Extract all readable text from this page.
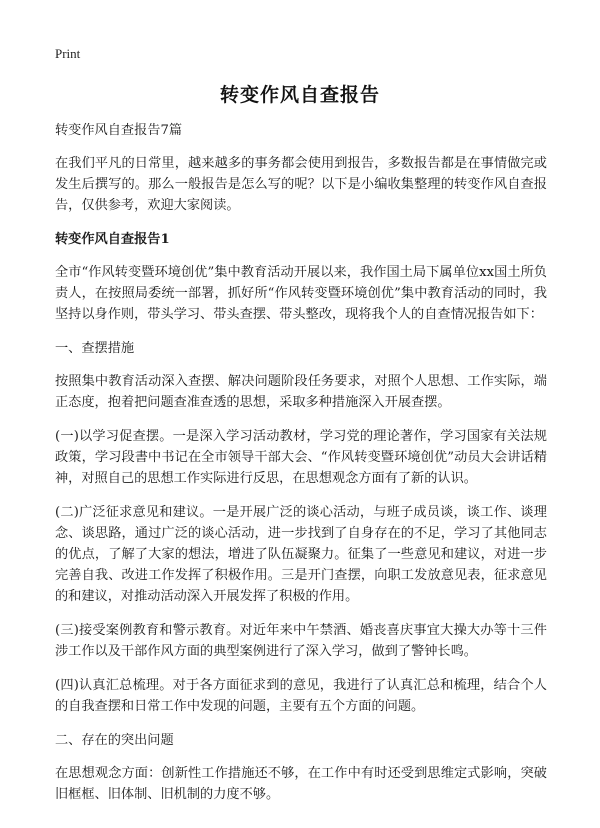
Print
转变作风自查报告

转变作风自查报告7篇

在我们平凡的日常里，越来越多的事务都会使用到报告，多数报告都是在事情做完或发生后撰写的。那么一般报告是怎么写的呢？以下是小编收集整理的转变作风自查报告，仅供参考，欢迎大家阅读。

转变作风自查报告1

全市“作风转变暨环境创优”集中教育活动开展以来，我作国土局下属单位xx国土所负责人，在按照局委统一部署，抓好所“作风转变暨环境创优”集中教育活动的同时，我坚持以身作则，带头学习、带头查摆、带头整改，现将我个人的自查情况报告如下：

一、查摆措施

按照集中教育活动深入查摆、解决问题阶段任务要求，对照个人思想、工作实际，端正态度，抱着把问题查准查透的思想，采取多种措施深入开展查摆。

(一)以学习促查摆。一是深入学习活动教材，学习党的理论著作，学习国家有关法规政策，学习段書中书记在全市领导干部大会、“作风转变暨环境创优”动员大会讲话精神，对照自己的思想工作实际进行反思，在思想观念方面有了新的认识。

(二)广泛征求意见和建议。一是开展广泛的谈心活动，与班子成员谈，谈工作、谈理念、谈思路，通过广泛的谈心活动，进一步找到了自身存在的不足，学习了其他同志的优点，了解了大家的想法，增进了队伍凝聚力。征集了一些意见和建议，对进一步完善自我、改进工作发挥了积极作用。三是开门查摆，向职工发放意见表，征求意见的和建议，对推动活动深入开展发挥了积极的作用。

(三)接受案例教育和警示教育。对近年来中午禁酒、婚丧喜庆事宜大操大办等十三件涉工作以及干部作风方面的典型案例进行了深入学习，做到了警钟长鸣。

(四)认真汇总梳理。对于各方面征求到的意见，我进行了认真汇总和梳理，结合个人的自我查摆和日常工作中发现的问题，主要有五个方面的问题。

二、存在的突出问题

在思想观念方面：创新性工作措施还不够，在工作中有时还受到思维定式影响，突破旧框框、旧体制、旧机制的力度不够。
